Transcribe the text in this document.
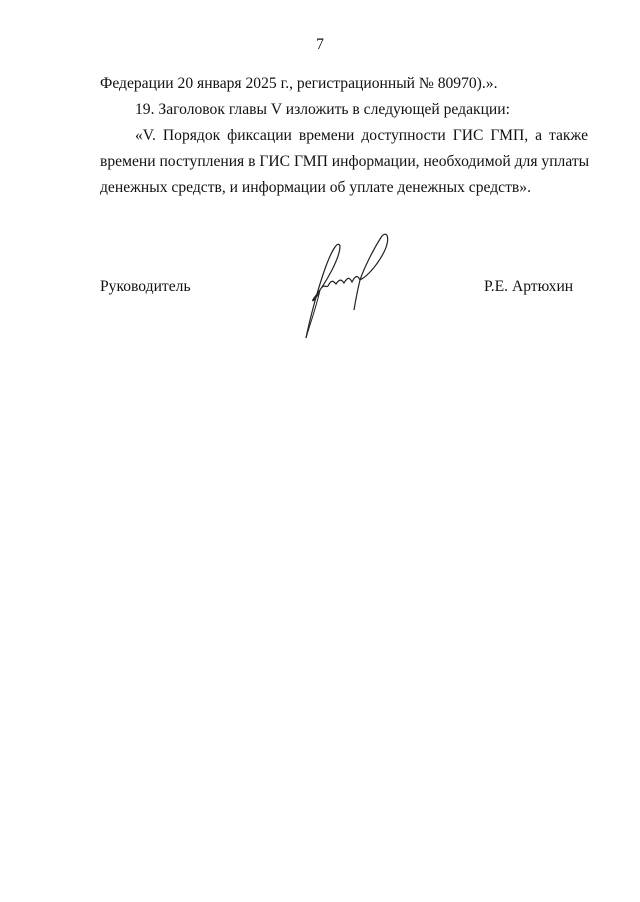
7
Федерации 20 января 2025 г., регистрационный № 80970).».
19. Заголовок главы V изложить в следующей редакции:
«V. Порядок фиксации времени доступности ГИС ГМП, а также
времени поступления в ГИС ГМП информации, необходимой для уплаты
денежных средств, и информации об уплате денежных средств».
Руководитель	Р.Е. Артюхин
